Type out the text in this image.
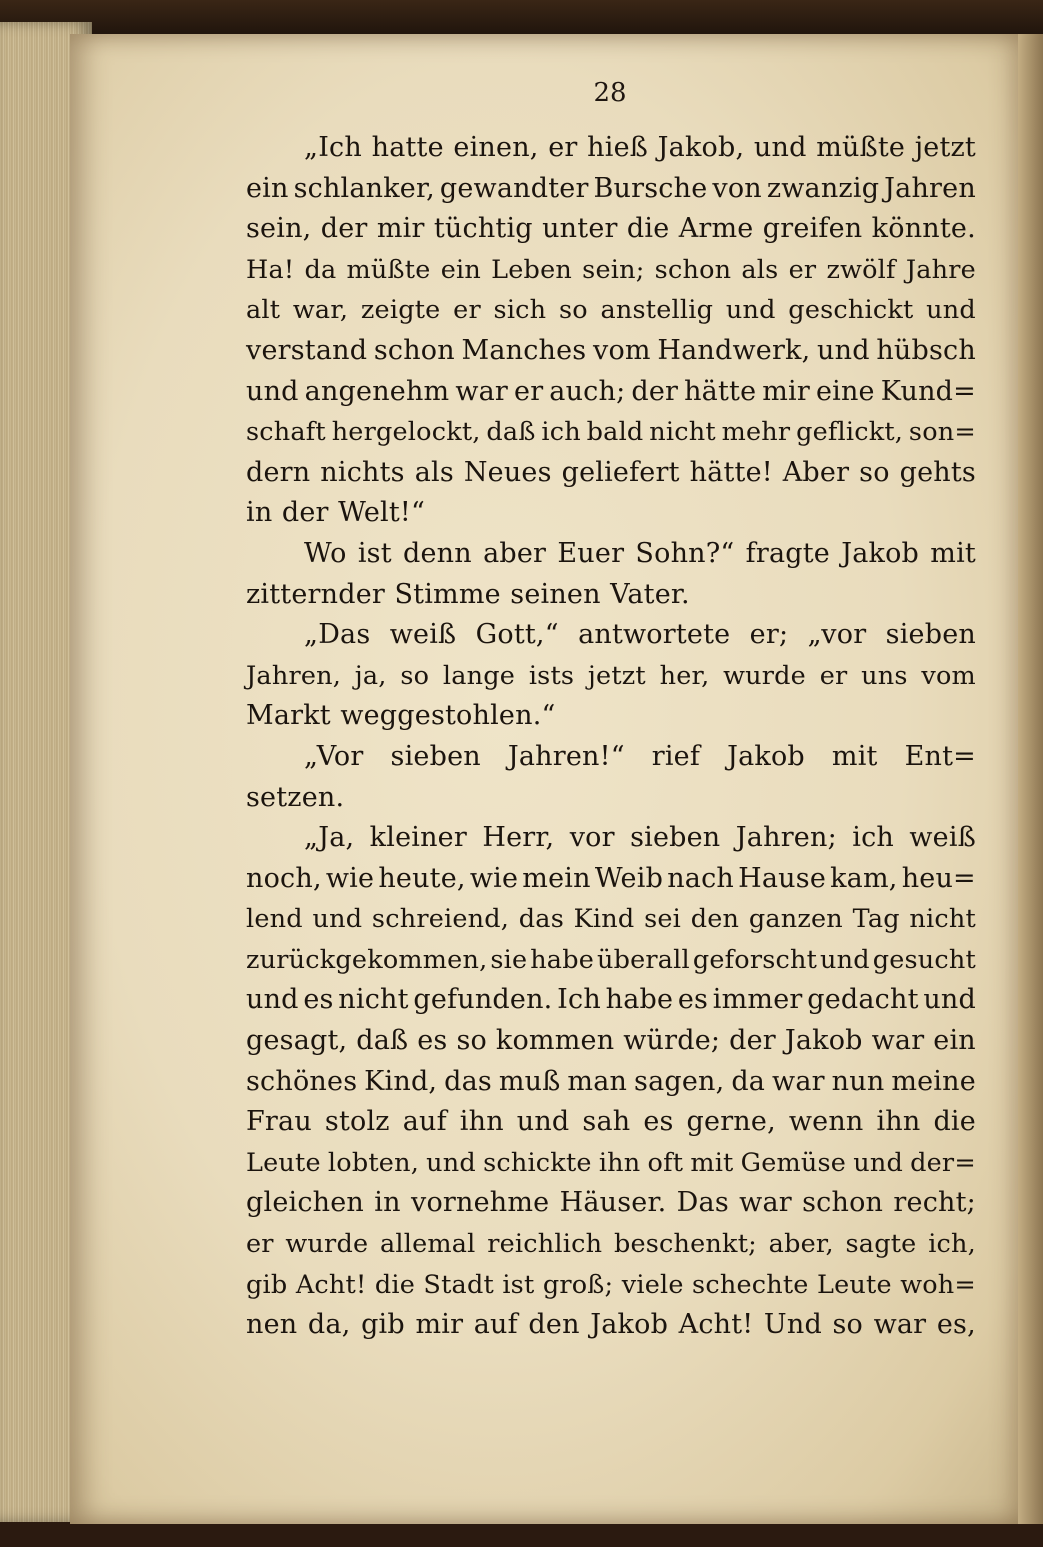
28
„Ich hatte einen, er hieß Jakob, und müßte jetzt
ein schlanker, gewandter Bursche von zwanzig Jahren
sein, der mir tüchtig unter die Arme greifen könnte.
Ha! da müßte ein Leben sein; schon als er zwölf Jahre
alt war, zeigte er sich so anstellig und geschickt und
verstand schon Manches vom Handwerk, und hübsch
und angenehm war er auch; der hätte mir eine Kund=
schaft hergelockt, daß ich bald nicht mehr geflickt, son=
dern nichts als Neues geliefert hätte! Aber so gehts
in der Welt!“
Wo ist denn aber Euer Sohn?“ fragte Jakob mit
zitternder Stimme seinen Vater.
„Das weiß Gott,“ antwortete er; „vor sieben
Jahren, ja, so lange ists jetzt her, wurde er uns vom
Markt weggestohlen.“
„Vor sieben Jahren!“ rief Jakob mit Ent=
setzen.
„Ja, kleiner Herr, vor sieben Jahren; ich weiß
noch, wie heute, wie mein Weib nach Hause kam, heu=
lend und schreiend, das Kind sei den ganzen Tag nicht
zurückgekommen, sie habe überall geforscht und gesucht
und es nicht gefunden. Ich habe es immer gedacht und
gesagt, daß es so kommen würde; der Jakob war ein
schönes Kind, das muß man sagen, da war nun meine
Frau stolz auf ihn und sah es gerne, wenn ihn die
Leute lobten, und schickte ihn oft mit Gemüse und der=
gleichen in vornehme Häuser. Das war schon recht;
er wurde allemal reichlich beschenkt; aber, sagte ich,
gib Acht! die Stadt ist groß; viele schechte Leute woh=
nen da, gib mir auf den Jakob Acht! Und so war es,
